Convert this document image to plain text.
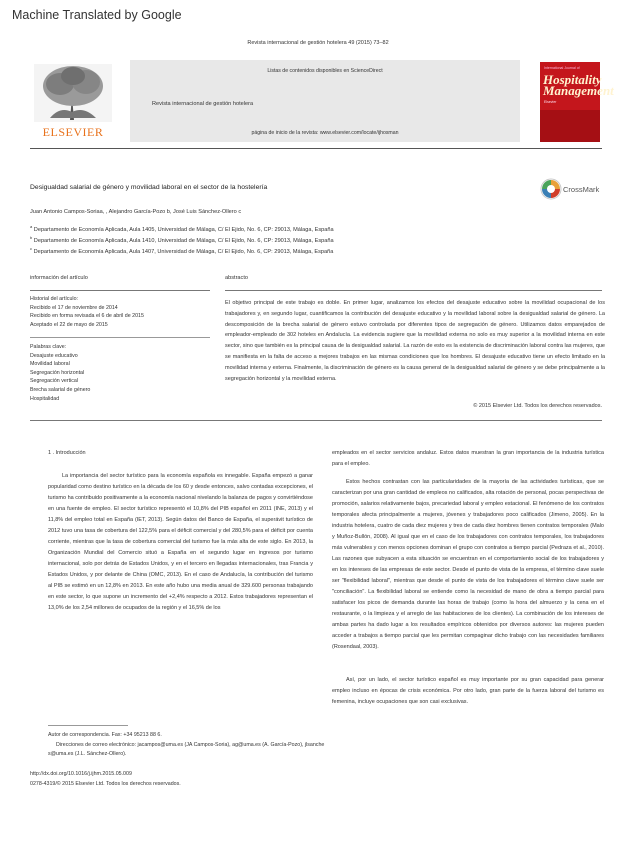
Machine Translated by Google
Revista internacional de gestión hotelera 49 (2015) 73–82
ELSEVIER
Listas de contenidos disponibles en ScienceDirect
Revista internacional de gestión hotelera
página de inicio de la revista: www.elsevier.com/locate/ijhosman
International Journal of
Hospitality Management
Elsevier
Desigualdad salarial de género y movilidad laboral en el sector de la hostelería	CrossMark
Juan Antonio Campos-Soriaa, , Alejandro García-Pozo b, José Luis Sánchez-Ollero c
$^a$ Departamento de Economía Aplicada, Aula 1405, Universidad de Málaga, C/ El Ejido, No. 6, CP: 29013, Málaga, España
$^b$ Departamento de Economía Aplicada, Aula 1410, Universidad de Málaga, C/ El Ejido, No. 6, CP: 29013, Málaga, España
$^c$ Departamento de Economía Aplicada, Aula 1407, Universidad de Málaga, C/ El Ejido, No. 6, CP: 29013, Málaga, España
información del artículo
Historial del artículo:
Recibido el 17 de noviembre de 2014
Recibido en forma revisada el 6 de abril de 2015
Aceptado el 22 de mayo de 2015
Palabras clave:
Desajuste educativo
Movilidad laboral
Segregación horizontal
Segregación vertical
Brecha salarial de género
Hospitalidad
abstracto
El objetivo principal de este trabajo es doble. En primer lugar, analizamos los efectos del desajuste educativo sobre la movilidad ocupacional de los trabajadores y, en segundo lugar, cuantificamos la contribución del desajuste educativo y la movilidad laboral sobre la desigualdad salarial de género. La descomposición de la brecha salarial de género estuvo controlada por diferentes tipos de segregación de género. Utilizamos datos emparejados de empleador-empleado de 302 hoteles en Andalucía. La evidencia sugiere que la movilidad externa no solo es muy superior a la movilidad interna en este sector, sino que también es la principal causa de la desigualdad salarial. La razón de esto es la existencia de discriminación laboral contra las mujeres, que se manifiesta en la falta de acceso a mejores trabajos en las mismas condiciones que los hombres. El desajuste educativo tiene un efecto limitado en la movilidad interna y externa. Finalmente, la discriminación de género es la causa general de la desigualdad salarial de género y se debe principalmente a la segregación horizontal y la movilidad externa.
© 2015 Elsevier Ltd. Todos los derechos reservados.
1 . Introducción

La importancia del sector turístico para la economía española es innegable. España empezó a ganar popularidad como destino turístico en la década de los 60 y desde entonces, salvo contadas excepciones, el turismo ha contribuido positivamente a la economía nacional nivelando la balanza de pagos y convirtiéndose en una fuente de empleo. El sector turístico representó el 10,8% del PIB español en 2011 (INE, 2013) y el 11,8% del empleo total en España (IET, 2013). Según datos del Banco de España, el superávit turístico de 2012 tuvo una tasa de cobertura del 122,5% para el déficit comercial y del 280,5% para el déficit por cuenta corriente, mientras que la tasa de cobertura comercial del turismo fue la más alta de este siglo. En 2013, la Organización Mundial del Comercio situó a España en el segundo lugar en ingresos por turismo internacional, solo por detrás de Estados Unidos, y en el tercero en llegadas internacionales, tras Francia y Estados Unidos, y por delante de China (OMC, 2013). En el caso de Andalucía, la contribución del turismo al PIB se estimó en un 12,8% en 2013. En este año hubo una media anual de 329.600 personas trabajando en este sector, lo que supone un incremento del +2,4% respecto a 2012. Estos trabajadores representan el 13,0% de los 2,54 millones de ocupados de la región y el 16,5% de los

empleados en el sector servicios andaluz. Estos datos muestran la gran importancia de la industria turística para el empleo.

Estos hechos contrastan con las particularidades de la mayoría de las actividades turísticas, que se caracterizan por una gran cantidad de empleos no calificados, alta rotación de personal, pocas perspectivas de promoción, salarios relativamente bajos, precariedad laboral y empleo estacional. El fenómeno de los contratos temporales afecta principalmente a mujeres, jóvenes y trabajadores poco calificados (Jimeno, 2005). En la industria hotelera, cuatro de cada diez mujeres y tres de cada diez hombres tienen contratos temporales (Malo y Muñoz-Bullón, 2008). Al igual que en el caso de los trabajadores con contratos temporales, los trabajadores más vulnerables y con menos opciones dominan el grupo con contratos a tiempo parcial (Pedraza et al., 2010). Las razones que subyacen a esta situación se encuentran en el comportamiento social de los trabajadores y en los intereses de las empresas de este sector. Desde el punto de vista de la empresa, el término clave suele ser "flexibilidad laboral", mientras que desde el punto de vista de los trabajadores el término clave suele ser "conciliación". La flexibilidad laboral se entiende como la necesidad de mano de obra a tiempo parcial para satisfacer los picos de demanda durante las horas de trabajo (como la hora del almuerzo y la cena en el restaurante, o la limpieza y el arreglo de las habitaciones de los clientes). La combinación de los intereses de ambas partes ha dado lugar a los resultados empíricos obtenidos por diversos autores: las mujeres pueden acceder a trabajos a tiempo parcial que les permitan compaginar dicho trabajo con las necesidades familiares (Rosendaal, 2003).

Así, por un lado, el sector turístico español es muy importante por su gran capacidad para generar empleo incluso en épocas de crisis económica. Por otro lado, gran parte de la fuerza laboral del turismo es femenina, incluye ocupaciones que son casi exclusivas.

Autor de correspondencia. Fax: +34 95213 88 6.
Direcciones de correo electrónico: jacampos@uma.es (JA Campos-Soria), ag@uma.es (A. García-Pozo), jlsanche s@uma.es (J.L. Sánchez-Ollero).
http://dx.doi.org/10.1016/j.ijhm.2015.05.009
0278-4319/© 2015 Elsevier Ltd. Todos los derechos reservados.
